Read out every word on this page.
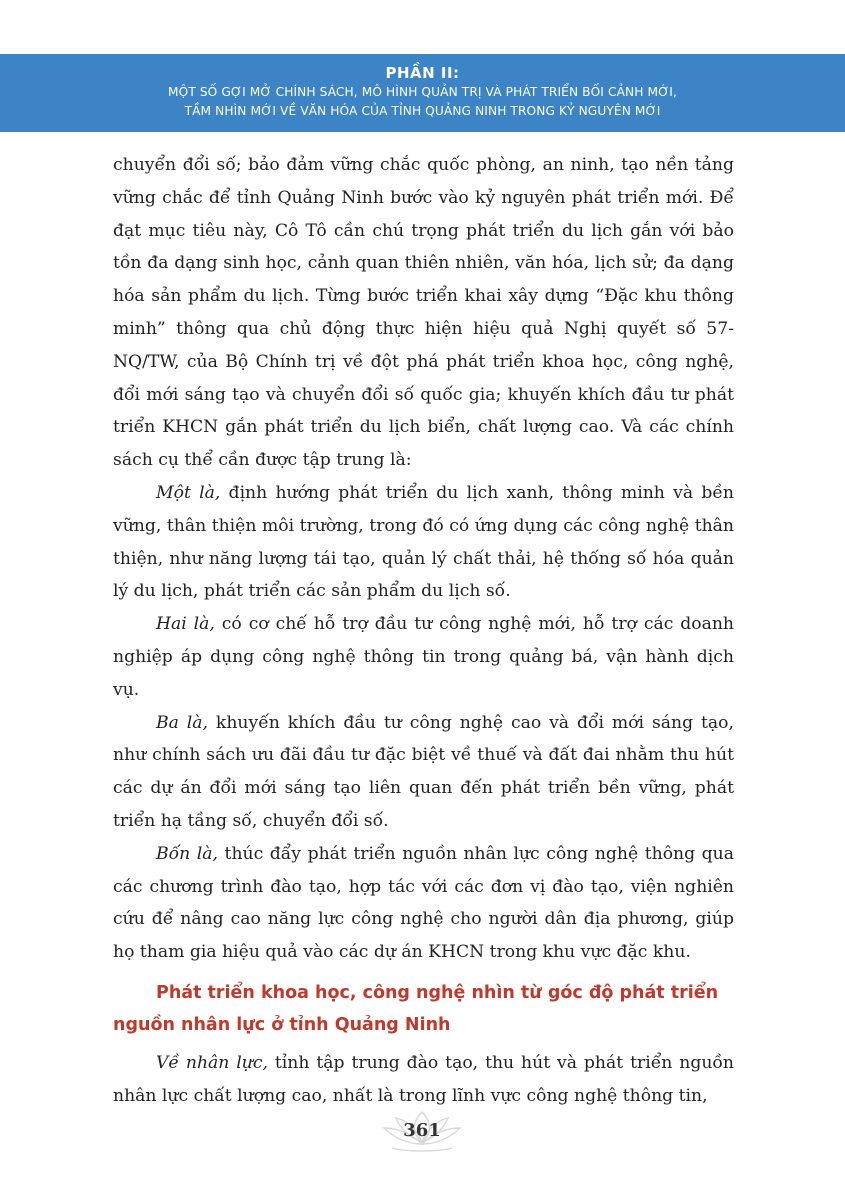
PHẦN II:
MỘT SỐ GỢI MỞ CHÍNH SÁCH, MÔ HÌNH QUẢN TRỊ VÀ PHÁT TRIỂN BỐI CẢNH MỚI,
TẦM NHÌN MỚI VỀ VĂN HÓA CỦA TỈNH QUẢNG NINH TRONG KỶ NGUYÊN MỚI

chuyển đổi số; bảo đảm vững chắc quốc phòng, an ninh, tạo nền tảng vững chắc để tỉnh Quảng Ninh bước vào kỷ nguyên phát triển mới. Để đạt mục tiêu này, Cô Tô cần chú trọng phát triển du lịch gắn với bảo tồn đa dạng sinh học, cảnh quan thiên nhiên, văn hóa, lịch sử; đa dạng hóa sản phẩm du lịch. Từng bước triển khai xây dựng “Đặc khu thông minh” thông qua chủ động thực hiện hiệu quả Nghị quyết số 57-NQ/TW, của Bộ Chính trị về đột phá phát triển khoa học, công nghệ, đổi mới sáng tạo và chuyển đổi số quốc gia; khuyến khích đầu tư phát triển KHCN gắn phát triển du lịch biển, chất lượng cao. Và các chính sách cụ thể cần được tập trung là:

Một là, định hướng phát triển du lịch xanh, thông minh và bền vững, thân thiện môi trường, trong đó có ứng dụng các công nghệ thân thiện, như năng lượng tái tạo, quản lý chất thải, hệ thống số hóa quản lý du lịch, phát triển các sản phẩm du lịch số.

Hai là, có cơ chế hỗ trợ đầu tư công nghệ mới, hỗ trợ các doanh nghiệp áp dụng công nghệ thông tin trong quảng bá, vận hành dịch vụ.

Ba là, khuyến khích đầu tư công nghệ cao và đổi mới sáng tạo, như chính sách ưu đãi đầu tư đặc biệt về thuế và đất đai nhằm thu hút các dự án đổi mới sáng tạo liên quan đến phát triển bền vững, phát triển hạ tầng số, chuyển đổi số.

Bốn là, thúc đẩy phát triển nguồn nhân lực công nghệ thông qua các chương trình đào tạo, hợp tác với các đơn vị đào tạo, viện nghiên cứu để nâng cao năng lực công nghệ cho người dân địa phương, giúp họ tham gia hiệu quả vào các dự án KHCN trong khu vực đặc khu.

Phát triển khoa học, công nghệ nhìn từ góc độ phát triển nguồn nhân lực ở tỉnh Quảng Ninh

Về nhân lực, tỉnh tập trung đào tạo, thu hút và phát triển nguồn nhân lực chất lượng cao, nhất là trong lĩnh vực công nghệ thông tin,

361
